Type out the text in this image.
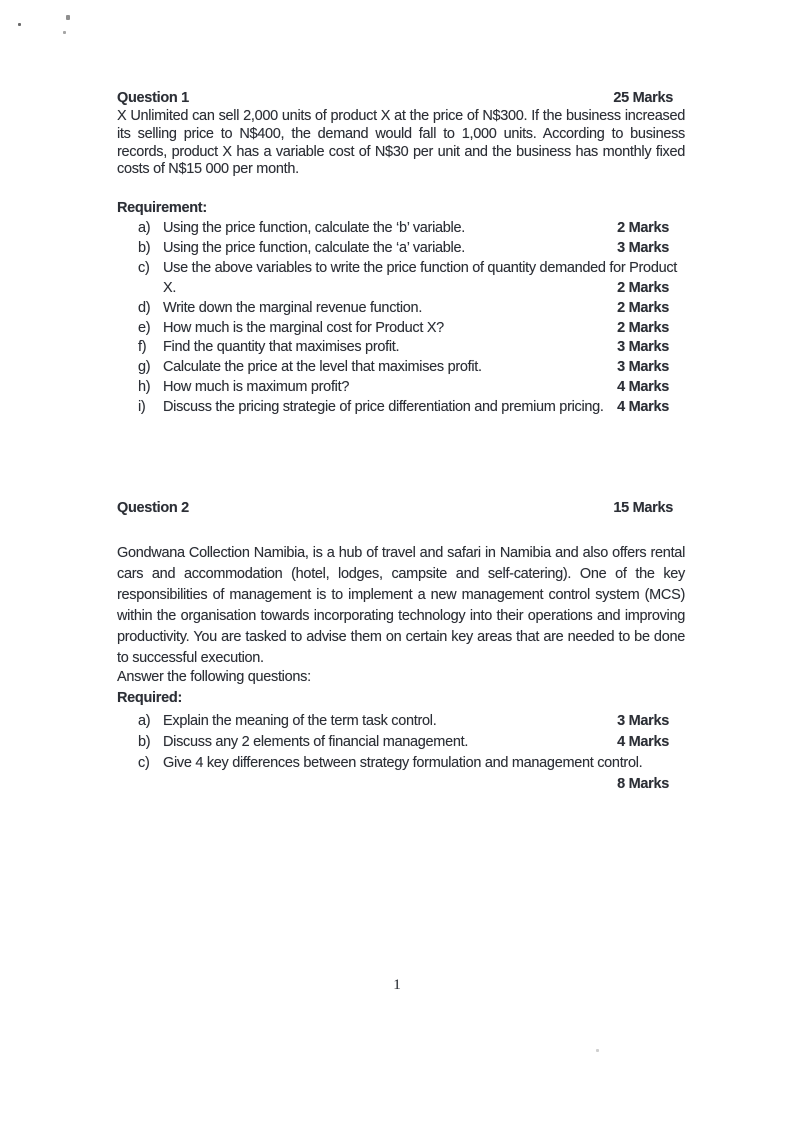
Question 1	25 Marks
X Unlimited can sell 2,000 units of product X at the price of N$300. If the business increased its selling price to N$400, the demand would fall to 1,000 units. According to business records, product X has a variable cost of N$30 per unit and the business has monthly fixed costs of N$15 000 per month.
Requirement:
a) Using the price function, calculate the ‘b’ variable.	2 Marks
b) Using the price function, calculate the ‘a’ variable.	3 Marks
c) Use the above variables to write the price function of quantity demanded for Product X.	2 Marks
d) Write down the marginal revenue function.	2 Marks
e) How much is the marginal cost for Product X?	2 Marks
f)	Find the quantity that maximises profit.	3 Marks
g) Calculate the price at the level that maximises profit.	3 Marks
h) How much is maximum profit?	4 Marks
i)	Discuss the pricing strategie of price differentiation and premium pricing. 4 Marks
Question 2	15 Marks
Gondwana Collection Namibia, is a hub of travel and safari in Namibia and also offers rental cars and accommodation (hotel, lodges, campsite and self-catering). One of the key responsibilities of management is to implement a new management control system (MCS) within the organisation towards incorporating technology into their operations and improving productivity. You are tasked to advise them on certain key areas that are needed to be done to successful execution.
Answer the following questions:
Required:
a) Explain the meaning of the term task control.	3 Marks
b) Discuss any 2 elements of financial management.	4 Marks
c) Give 4 key differences between strategy formulation and management control.
8 Marks
1
